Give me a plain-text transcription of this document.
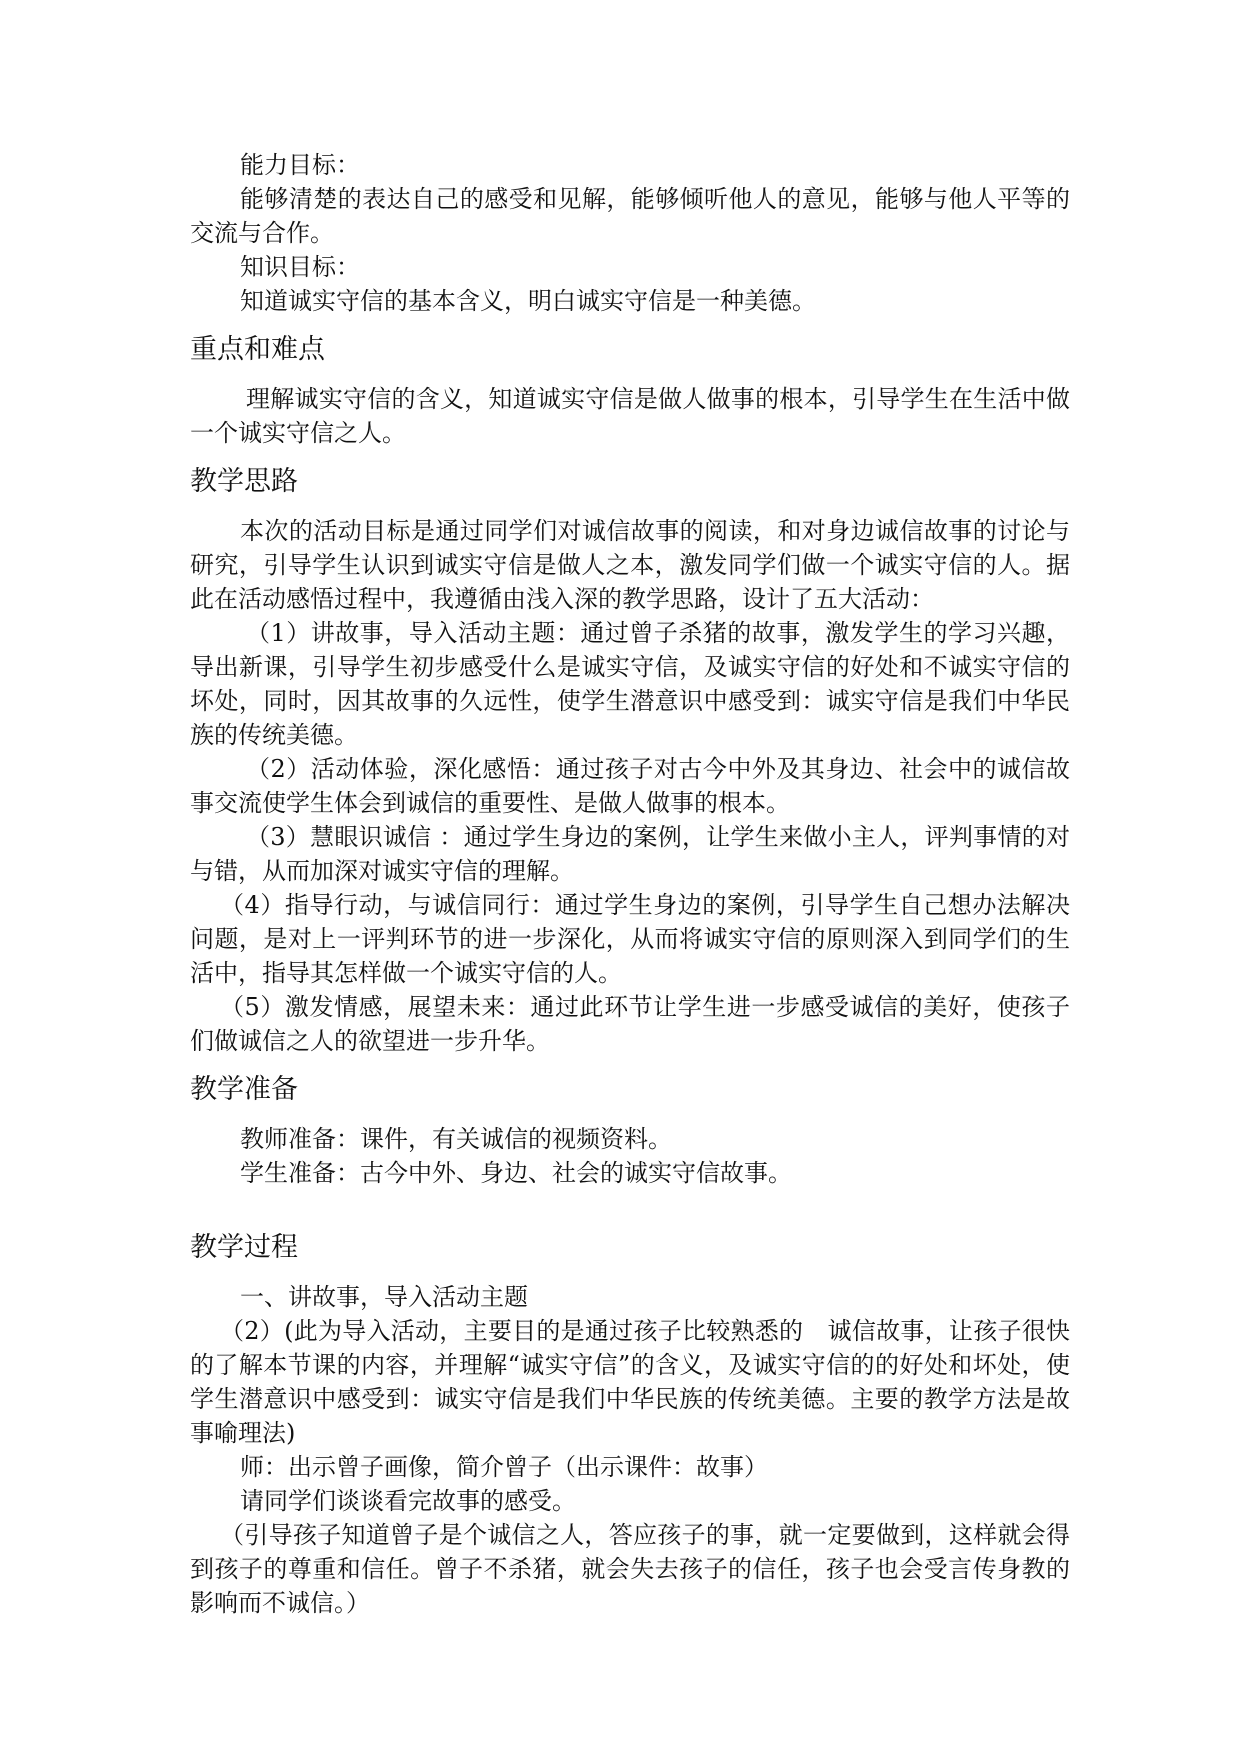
能力目标：

能够清楚的表达自己的感受和见解，能够倾听他人的意见，能够与他人平等的交流与合作。

知识目标：

知道诚实守信的基本含义，明白诚实守信是一种美德。

重点和难点

理解诚实守信的含义，知道诚实守信是做人做事的根本，引导学生在生活中做一个诚实守信之人。

教学思路

本次的活动目标是通过同学们对诚信故事的阅读，和对身边诚信故事的讨论与研究，引导学生认识到诚实守信是做人之本，激发同学们做一个诚实守信的人。据此在活动感悟过程中，我遵循由浅入深的教学思路，设计了五大活动：

（1）讲故事，导入活动主题：通过曾子杀猪的故事，激发学生的学习兴趣，导出新课，引导学生初步感受什么是诚实守信，及诚实守信的好处和不诚实守信的坏处，同时，因其故事的久远性，使学生潜意识中感受到：诚实守信是我们中华民族的传统美德。

（2）活动体验，深化感悟：通过孩子对古今中外及其身边、社会中的诚信故事交流使学生体会到诚信的重要性、是做人做事的根本。

（3）慧眼识诚信 ：通过学生身边的案例，让学生来做小主人，评判事情的对与错，从而加深对诚实守信的理解。

（4）指导行动，与诚信同行：通过学生身边的案例，引导学生自己想办法解决问题，是对上一评判环节的进一步深化，从而将诚实守信的原则深入到同学们的生活中，指导其怎样做一个诚实守信的人。

（5）激发情感，展望未来：通过此环节让学生进一步感受诚信的美好，使孩子们做诚信之人的欲望进一步升华。

教学准备

教师准备：课件，有关诚信的视频资料。

学生准备：古今中外、身边、社会的诚实守信故事。

教学过程

一、讲故事，导入活动主题

（2）(此为导入活动，主要目的是通过孩子比较熟悉的　诚信故事，让孩子很快的了解本节课的内容，并理解“诚实守信”的含义，及诚实守信的的好处和坏处，使学生潜意识中感受到：诚实守信是我们中华民族的传统美德。主要的教学方法是故事喻理法)

师：出示曾子画像，简介曾子（出示课件：故事）

请同学们谈谈看完故事的感受。

（引导孩子知道曾子是个诚信之人，答应孩子的事，就一定要做到，这样就会得到孩子的尊重和信任。曾子不杀猪，就会失去孩子的信任，孩子也会受言传身教的影响而不诚信。）
